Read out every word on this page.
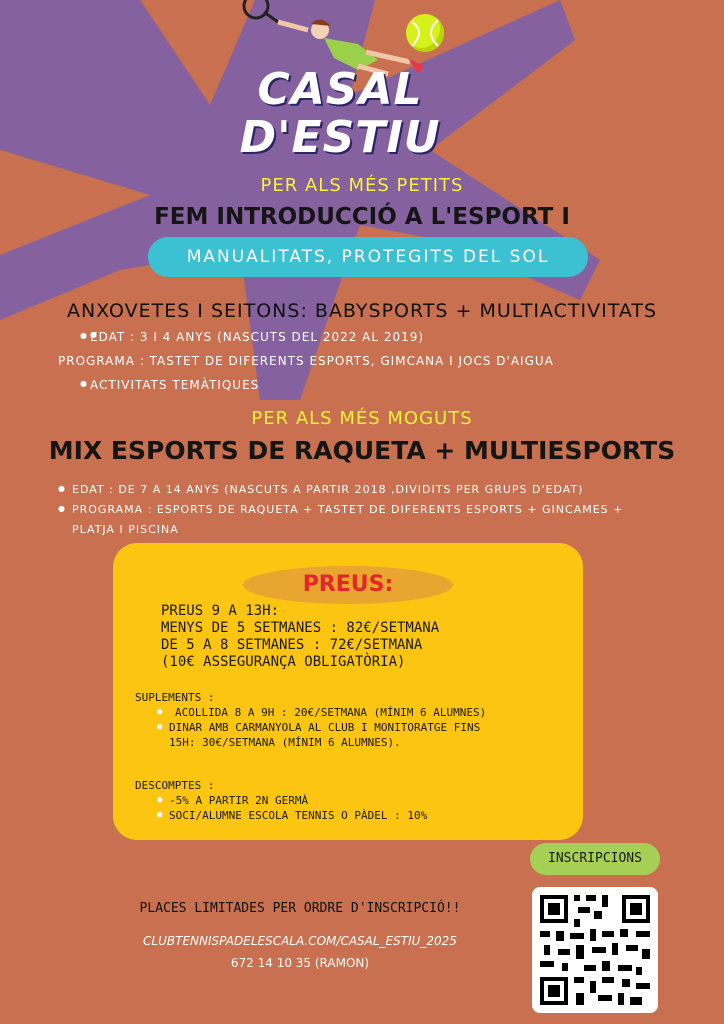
CASAL
D'ESTIU
PER ALS MÉS PETITS
FEM INTRODUCCIÓ A L'ESPORT I
MANUALITATS, PROTEGITS DEL SOL
ANXOVETES I SEITONS: BABYSPORTS + MULTIACTIVITATS
● ● EDAT : 3 I 4 ANYS (NASCUTS DEL 2022 AL 2019)
PROGRAMA : TASTET DE DIFERENTS ESPORTS, GIMCANA I JOCS D'AIGUA
● ACTIVITATS TEMÀTIQUES
PER ALS MÉS MOGUTS
MIX ESPORTS DE RAQUETA + MULTIESPORTS
● EDAT : DE 7 A 14 ANYS (NASCUTS A PARTIR 2018 ,DIVIDITS PER GRUPS D'EDAT)
● PROGRAMA : ESPORTS DE RAQUETA + TASTET DE DIFERENTS ESPORTS + GINCAMES +
PLATJA I PISCINA
PREUS:
PREUS 9 A 13H:
MENYS DE 5 SETMANES : 82€/SETMANA
DE 5 A 8 SETMANES : 72€/SETMANA
(10€ ASSEGURANÇA OBLIGATÒRIA)
SUPLEMENTS :
● ACOLLIDA 8 A 9H : 20€/SETMANA (MÍNIM 6 ALUMNES)
● DINAR AMB CARMANYOLA AL CLUB I MONITORATGE FINS
15H: 30€/SETMANA (MÍNIM 6 ALUMNES).
DESCOMPTES :
● -5% A PARTIR 2N GERMÀ
● SOCI/ALUMNE ESCOLA TENNIS O PÀDEL : 10%
INSCRIPCIONS
PLACES LIMITADES PER ORDRE D'INSCRIPCIÓ!!
CLUBTENNISPADELESCALA.COM/CASAL_ESTIU_2025
672 14 10 35 (RAMON)
